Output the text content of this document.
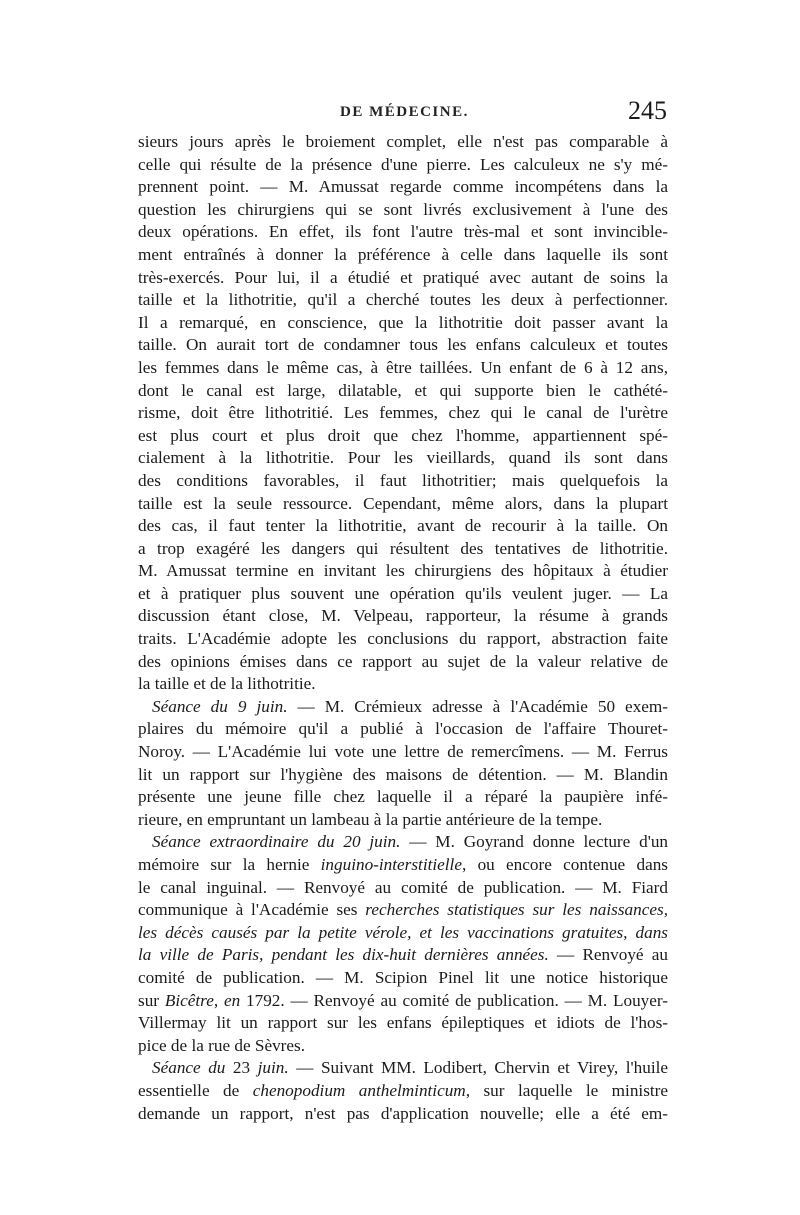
DE MÉDECINE.	245
sieurs jours après le broiement complet, elle n'est pas comparable à
celle qui résulte de la présence d'une pierre. Les calculeux ne s'y mé-
prennent point. — M. Amussat regarde comme incompétens dans la
question les chirurgiens qui se sont livrés exclusivement à l'une des
deux opérations. En effet, ils font l'autre très-mal et sont invincible-
ment entraînés à donner la préférence à celle dans laquelle ils sont
très-exercés. Pour lui, il a étudié et pratiqué avec autant de soins la
taille et la lithotritie, qu'il a cherché toutes les deux à perfectionner.
Il a remarqué, en conscience, que la lithotritie doit passer avant la
taille. On aurait tort de condamner tous les enfans calculeux et toutes
les femmes dans le même cas, à être taillées. Un enfant de 6 à 12 ans,
dont le canal est large, dilatable, et qui supporte bien le cathété-
risme, doit être lithotritié. Les femmes, chez qui le canal de l'urètre
est plus court et plus droit que chez l'homme, appartiennent spé-
cialement à la lithotritie. Pour les vieillards, quand ils sont dans
des conditions favorables, il faut lithotritier; mais quelquefois la
taille est la seule ressource. Cependant, même alors, dans la plupart
des cas, il faut tenter la lithotritie, avant de recourir à la taille. On
a trop exagéré les dangers qui résultent des tentatives de lithotritie.
M. Amussat termine en invitant les chirurgiens des hôpitaux à étudier
et à pratiquer plus souvent une opération qu'ils veulent juger. — La
discussion étant close, M. Velpeau, rapporteur, la résume à grands
traits. L'Académie adopte les conclusions du rapport, abstraction faite
des opinions émises dans ce rapport au sujet de la valeur relative de
la taille et de la lithotritie.
Séance du 9 juin. — M. Crémieux adresse à l'Académie 50 exem-
plaires du mémoire qu'il a publié à l'occasion de l'affaire Thouret-
Noroy. — L'Académie lui vote une lettre de remercîmens. — M. Ferrus
lit un rapport sur l'hygiène des maisons de détention. — M. Blandin
présente une jeune fille chez laquelle il a réparé la paupière infé-
rieure, en empruntant un lambeau à la partie antérieure de la tempe.
Séance extraordinaire du 20 juin. — M. Goyrand donne lecture d'un
mémoire sur la hernie inguino-interstitielle, ou encore contenue dans
le canal inguinal. — Renvoyé au comité de publication. — M. Fiard
communique à l'Académie ses recherches statistiques sur les naissances,
les décès causés par la petite vérole, et les vaccinations gratuites, dans
la ville de Paris, pendant les dix-huit dernières années. — Renvoyé au
comité de publication. — M. Scipion Pinel lit une notice historique
sur Bicêtre, en 1792. — Renvoyé au comité de publication. — M. Louyer-
Villermay lit un rapport sur les enfans épileptiques et idiots de l'hos-
pice de la rue de Sèvres.
Séance du 23 juin. — Suivant MM. Lodibert, Chervin et Virey, l'huile
essentielle de chenopodium anthelminticum, sur laquelle le ministre
demande un rapport, n'est pas d'application nouvelle; elle a été em-
